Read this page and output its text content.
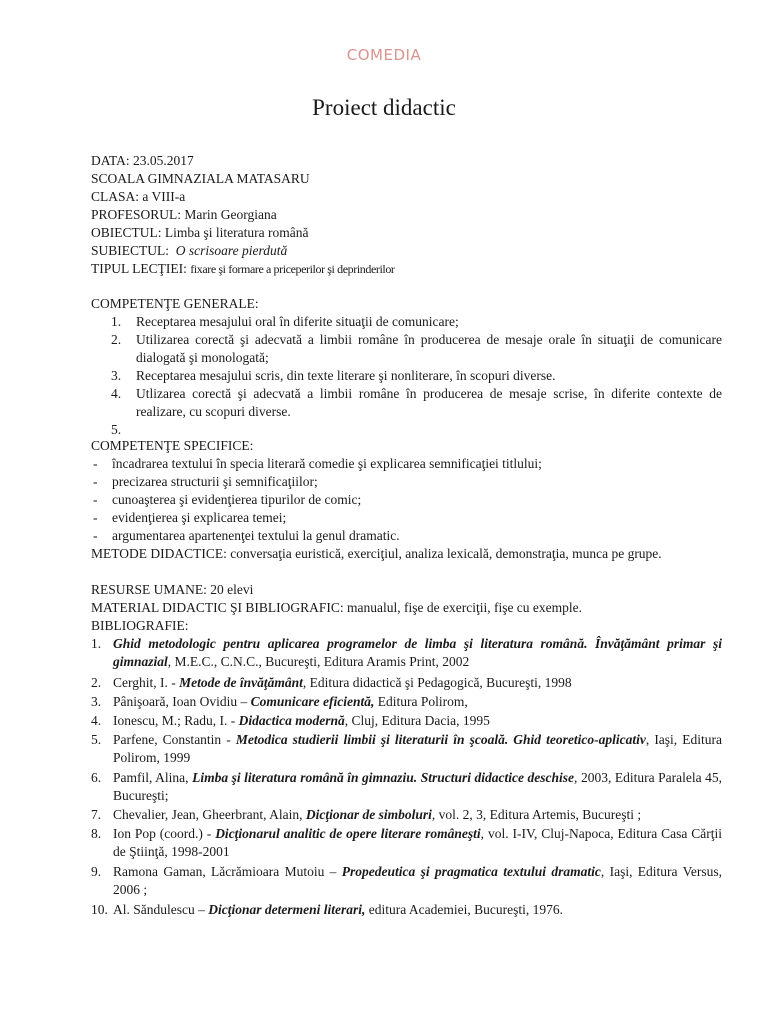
COMEDIA
Proiect didactic
DATA: 23.05.2017
SCOALA GIMNAZIALA MATASARU
CLASA: a VIII-a
PROFESORUL: Marin Georgiana
OBIECTUL: Limba şi literatura română
SUBIECTUL: O scrisoare pierdută
TIPUL LECŢIEI: fixare şi formare a priceperilor şi deprinderilor
COMPETENŢE GENERALE:
1. Receptarea mesajului oral în diferite situaţii de comunicare;
2. Utilizarea corectă şi adecvată a limbii române în producerea de mesaje orale în situaţii de comunicare dialogată şi monologată;
3. Receptarea mesajului scris, din texte literare şi nonliterare, în scopuri diverse.
4. Utlizarea corectă şi adecvată a limbii române în producerea de mesaje scrise, în diferite contexte de realizare, cu scopuri diverse.
5.
COMPETENŢE SPECIFICE:
- încadrarea textului în specia literară comedie şi explicarea semnificaţiei titlului;
- precizarea structurii şi semnificaţiilor;
- cunoaşterea şi evidenţierea tipurilor de comic;
- evidenţierea şi explicarea temei;
- argumentarea apartenenţei textului la genul dramatic.
METODE DIDACTICE: conversaţia euristică, exerciţiul, analiza lexicală, demonstraţia, munca pe grupe.
RESURSE UMANE: 20 elevi
MATERIAL DIDACTIC ŞI BIBLIOGRAFIC: manualul, fişe de exerciţii, fişe cu exemple.
BIBLIOGRAFIE:
1. Ghid metodologic pentru aplicarea programelor de limba şi literatura română. Învăţământ primar şi gimnazial, M.E.C., C.N.C., Bucureşti, Editura Aramis Print, 2002
2. Cerghit, I. - Metode de învăţământ, Editura didactică şi Pedagogică, Bucureşti, 1998
3. Pânişoară, Ioan Ovidiu – Comunicare eficientă, Editura Polirom,
4. Ionescu, M.; Radu, I. - Didactica modernă, Cluj, Editura Dacia, 1995
5. Parfene, Constantin - Metodica studierii limbii şi literaturii în şcoală. Ghid teoretico-aplicativ, Iaşi, Editura Polirom, 1999
6. Pamfil, Alina, Limba şi literatura română în gimnaziu. Structuri didactice deschise, 2003, Editura Paralela 45, Bucureşti;
7. Chevalier, Jean, Gheerbrant, Alain, Dicţionar de simboluri, vol. 2, 3, Editura Artemis, Bucureşti ;
8. Ion Pop (coord.) - Dicţionarul analitic de opere literare româneşti, vol. I-IV, Cluj-Napoca, Editura Casa Cărţii de Ştiinţă, 1998-2001
9. Ramona Gaman, Lăcrămioara Mutoiu – Propedeutica şi pragmatica textului dramatic, Iaşi, Editura Versus, 2006 ;
10. Al. Săndulescu – Dicţionar determeni literari, editura Academiei, Bucureşti, 1976.
